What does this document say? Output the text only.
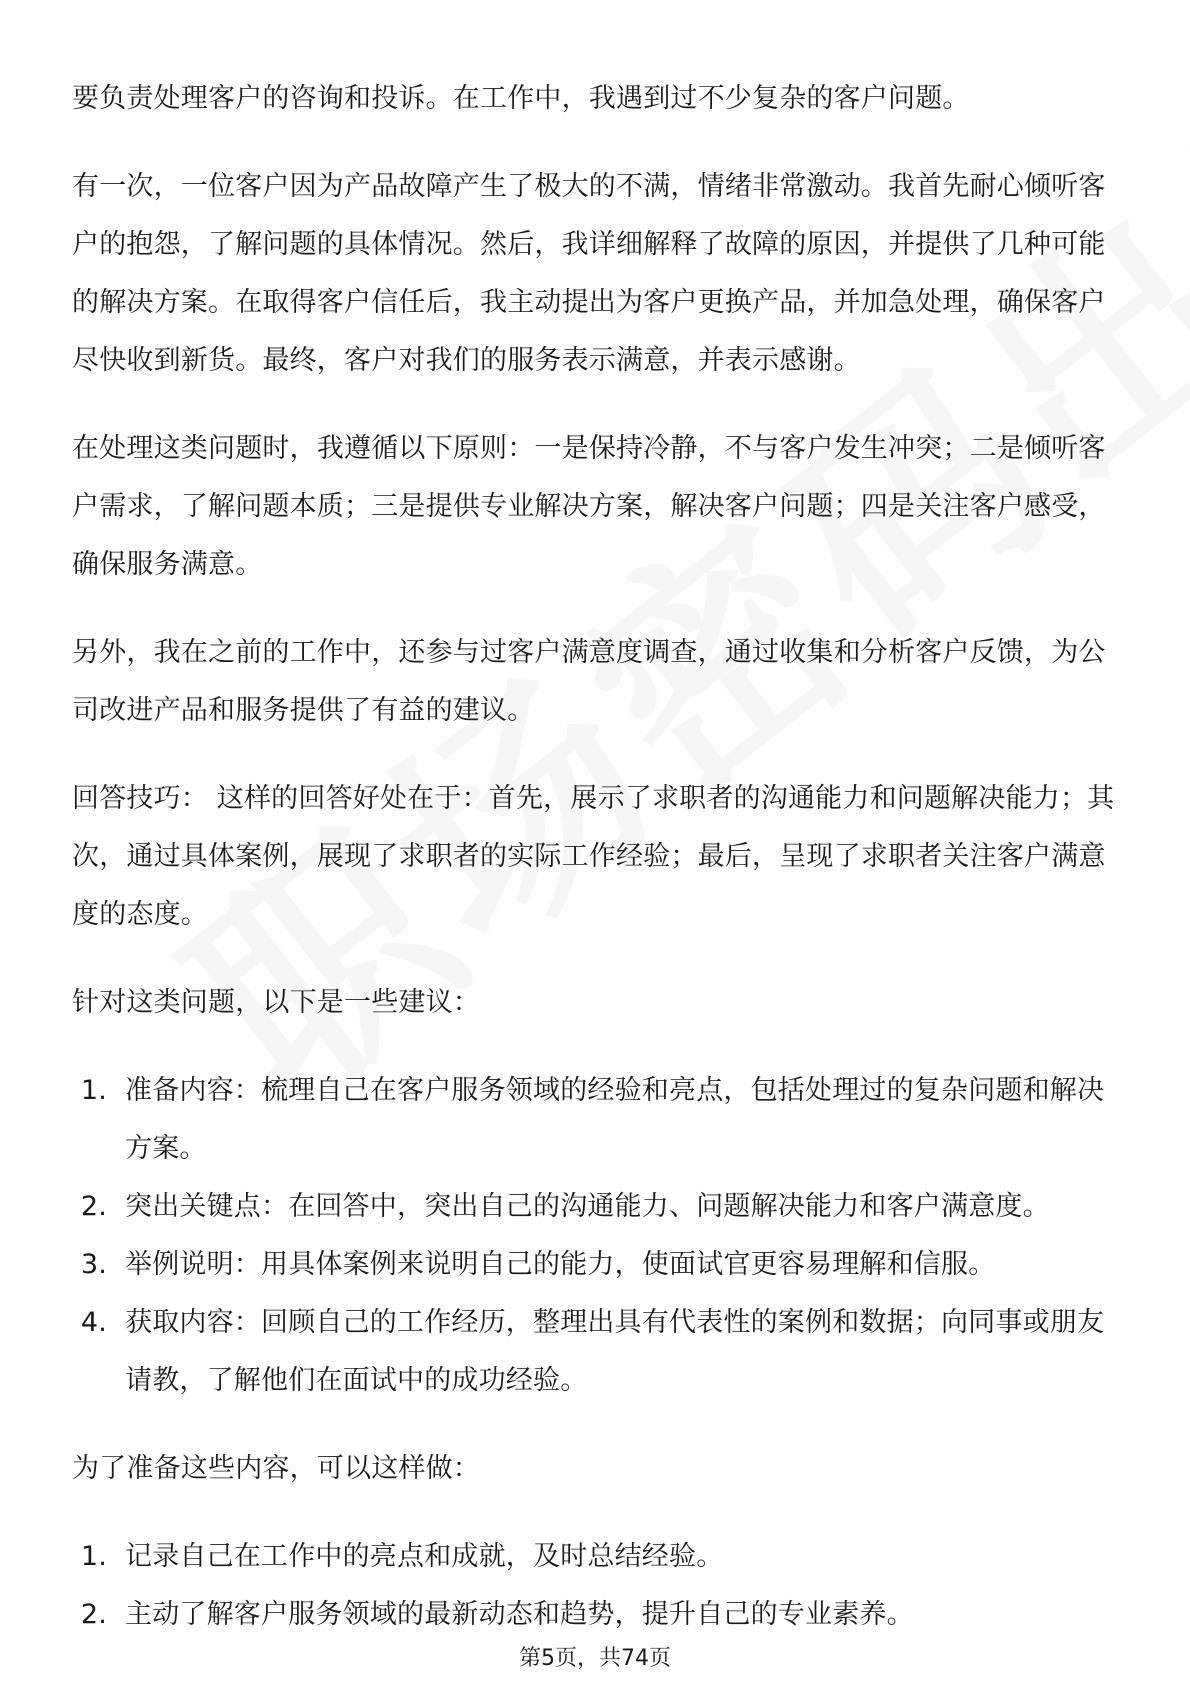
要负责处理客户的咨询和投诉。在工作中，我遇到过不少复杂的客户问题。

有一次，一位客户因为产品故障产生了极大的不满，情绪非常激动。我首先耐心倾听客户的抱怨，了解问题的具体情况。然后，我详细解释了故障的原因，并提供了几种可能的解决方案。在取得客户信任后，我主动提出为客户更换产品，并加急处理，确保客户尽快收到新货。最终，客户对我们的服务表示满意，并表示感谢。

在处理这类问题时，我遵循以下原则：一是保持冷静，不与客户发生冲突；二是倾听客户需求，了解问题本质；三是提供专业解决方案，解决客户问题；四是关注客户感受，确保服务满意。

另外，我在之前的工作中，还参与过客户满意度调查，通过收集和分析客户反馈，为公司改进产品和服务提供了有益的建议。

回答技巧： 这样的回答好处在于：首先，展示了求职者的沟通能力和问题解决能力；其次，通过具体案例，展现了求职者的实际工作经验；最后，呈现了求职者关注客户满意度的态度。

针对这类问题，以下是一些建议：

1. 准备内容：梳理自己在客户服务领域的经验和亮点，包括处理过的复杂问题和解决方案。
2. 突出关键点：在回答中，突出自己的沟通能力、问题解决能力和客户满意度。
3. 举例说明：用具体案例来说明自己的能力，使面试官更容易理解和信服。
4. 获取内容：回顾自己的工作经历，整理出具有代表性的案例和数据；向同事或朋友请教，了解他们在面试中的成功经验。

为了准备这些内容，可以这样做：

1. 记录自己在工作中的亮点和成就，及时总结经验。
2. 主动了解客户服务领域的最新动态和趋势，提升自己的专业素养。
第5页，共74页
